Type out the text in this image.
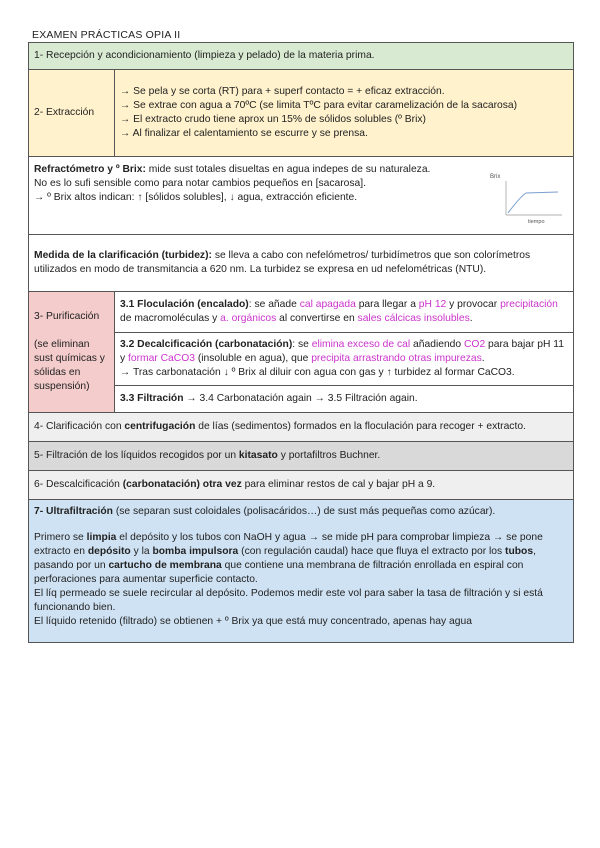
EXAMEN PRÁCTICAS OPIA II
1- Recepción y acondicionamiento (limpieza y pelado) de la materia prima.	
2- Extracción	→ Se pela y se corta (RT) para + superf contacto = + eficaz extracción.

→ Se extrae con agua a 70ºC (se limita TºC para evitar caramelización de la sacarosa)

→ El extracto crudo tiene aprox un 15% de sólidos solubles (º Brix)

→ Al finalizar el calentamiento se escurre y se prensa.

Brix
tiempo

Refractómetro y º Brix: mide sust totales disueltas en agua indepes de su naturaleza.

No es lo sufi sensible como para notar cambios pequeños en [sacarosa].

→ º Brix altos indican: ↑ [sólidos solubles], ↓ agua, extracción eficiente.	

Medida de la clarificación (turbidez): se lleva a cabo con nefelómetros/ turbidímetros que son colorímetros utilizados en modo de transmitancia a 620 nm. La turbidez se expresa en ud nefelométricas (NTU).	

3- Purificación

(se eliminan sust químicas y sólidas en suspensión)	3.1 Floculación (encalado): se añade cal apagada para llegar a pH 12 y provocar precipitación de macromoléculas y a. orgánicos al convertirse en sales cálcicas insolubles.

	3.2 Decalcificación (carbonatación): se elimina exceso de cal añadiendo CO2 para bajar pH 11 y formar CaCO3 (insoluble en agua), que precipita arrastrando otras impurezas.

→ Tras carbonatación ↓ º Brix al diluir con agua con gas y ↑ turbidez al formar CaCO3.

	3.3 Filtración → 3.4 Carbonatación again → 3.5 Filtración again.
4- Clarificación con centrifugación de lías (sedimentos) formados en la floculación para recoger + extracto.	
5- Filtración de los líquidos recogidos por un kitasato y portafiltros Buchner.	
6- Descalcificación (carbonatación) otra vez para eliminar restos de cal y bajar pH a 9.	

7- Ultrafiltración (se separan sust coloidales (polisacáridos…) de sust más pequeñas como azúcar).

Primero se limpia el depósito y los tubos con NaOH y agua → se mide pH para comprobar limpieza → se pone extracto en depósito y la bomba impulsora (con regulación caudal) hace que fluya el extracto por los tubos, pasando por un cartucho de membrana que contiene una membrana de filtración enrollada en espiral con perforaciones para aumentar superficie contacto.

El líq permeado se suele recircular al depósito. Podemos medir este vol para saber la tasa de filtración y si está funcionando bien.

El líquido retenido (filtrado) se obtienen + º Brix ya que está muy concentrado, apenas hay agua	
